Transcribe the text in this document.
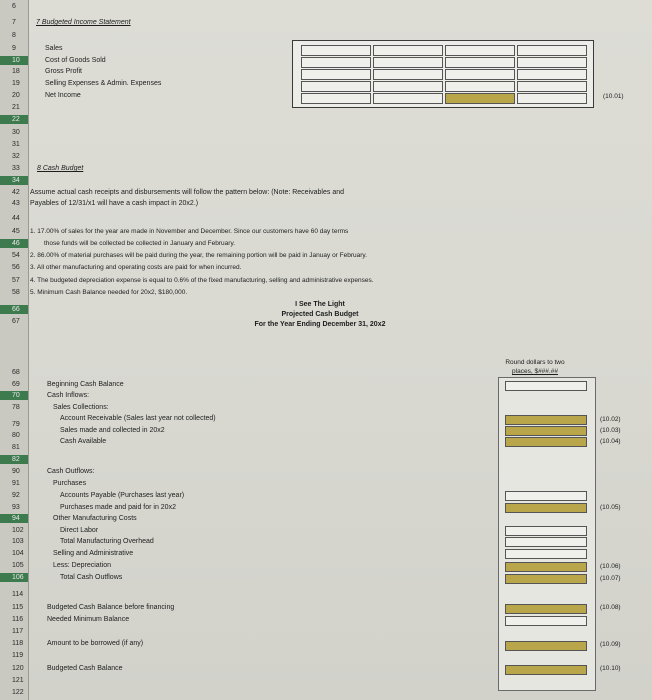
6
7
8
9
10
18
19
20
21
22
30
31
32
33
34
42
43
44
45
46
54
56
57
58
66
67
68
69
70
78
79
80
81
82
90
91
92
93
94
102
103
104
105
106
114
115
116
117
118
119
120
121
122
7 Budgeted Income Statement
Sales
Cost of Goods Sold
Gross Profit
Selling Expenses & Admin. Expenses
Net Income	(10.01)
8 Cash Budget
Assume actual cash receipts and disbursements will follow the pattern below: (Note: Receivables and
Payables of 12/31/x1 will have a cash impact in 20x2.)
1. 17.00% of sales for the year are made in November and December. Since our customers have 60 day terms
those funds will be collected be collected in January and February.
2. 86.00% of material purchases will be paid during the year, the remaining portion will be paid in Januay or February.
3. All other manufacturing and operating costs are paid for when incurred.
4. The budgeted depreciation expense is equal to 0.6% of the fixed manufacturing, selling and administrative expenses.
5. Minimum Cash Balance needed for 20x2, $180,000.
I See The Light
Projected Cash Budget
For the Year Ending December 31, 20x2
Round dollars to two
places, $###.##
Beginning Cash Balance
Cash Inflows:
Sales Collections:
Account Receivable (Sales last year not collected)
Sales made and collected in 20x2
Cash Available
Cash Outflows:
Purchases
Accounts Payable (Purchases last year)
Purchases made and paid for in 20x2
Other Manufacturing Costs
Direct Labor
Total Manufacturing Overhead
Selling and Administrative
Less: Depreciation
Total Cash Outflows
Budgeted Cash Balance before financing
Needed Minimum Balance
Amount to be borrowed (if any)
Budgeted Cash Balance
(10.02)
(10.03)
(10.04)
(10.05)
(10.06)
(10.07)
(10.08)
(10.09)
(10.10)
